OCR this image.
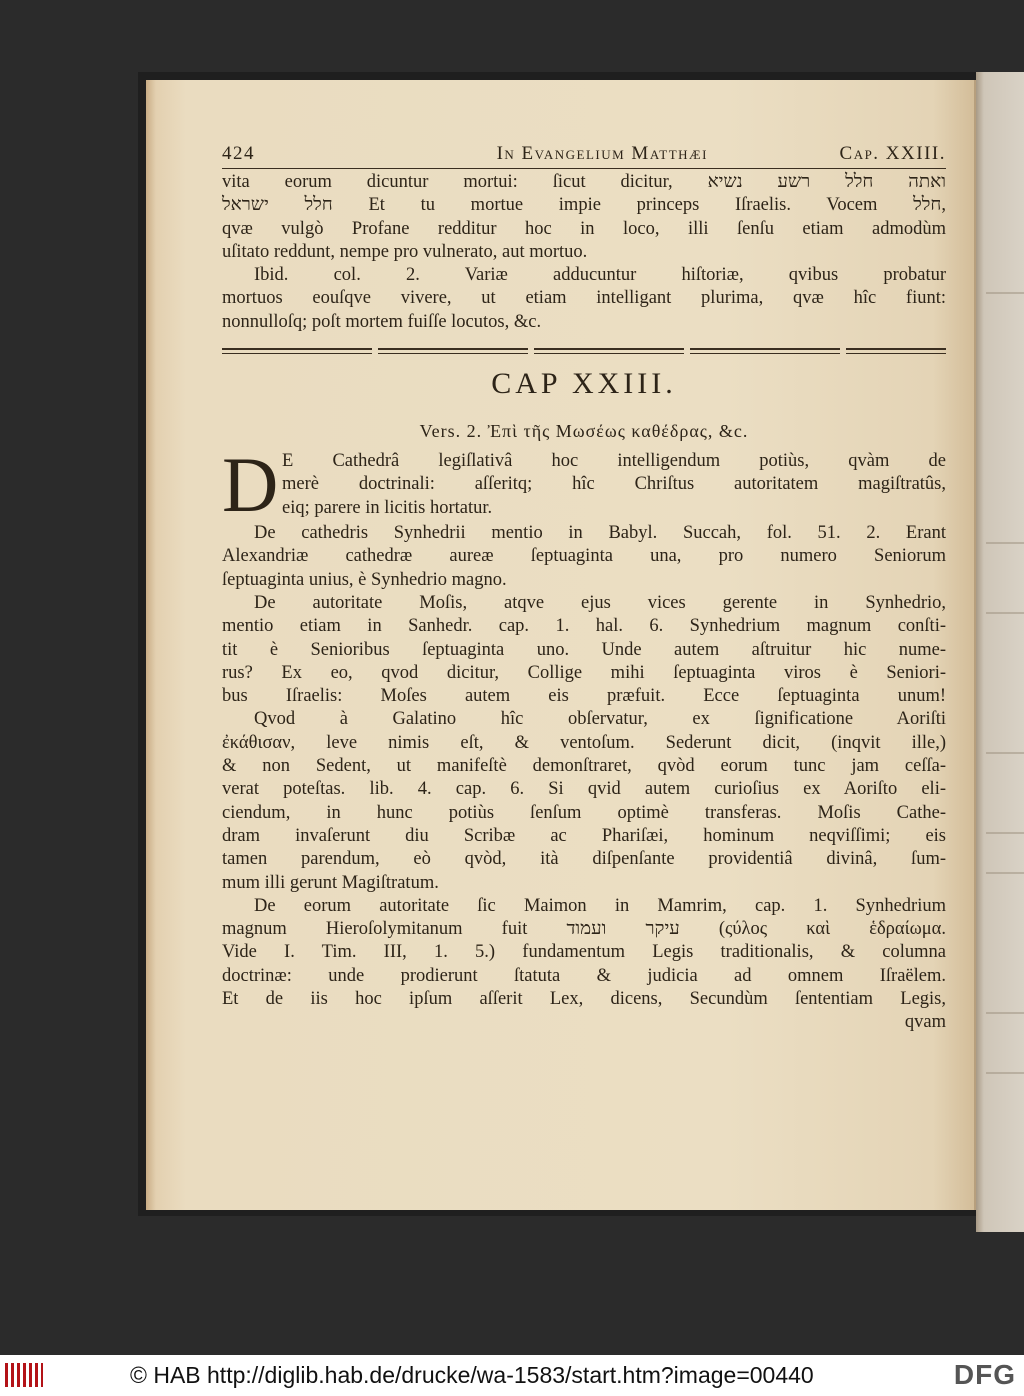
424	In Evangelium Matthæi	Cap. XXIII.
vita eorum dicuntur mortui: ſicut dicitur, ואתה חלל רשע נשיא
חלל ישראל Et tu mortue impie princeps Iſraelis. Vocem חלל,
qvæ vulgò Profane redditur hoc in loco, illi ſenſu etiam admodùm
uſitato reddunt, nempe pro vulnerato, aut mortuo.
Ibid. col. 2. Variæ adducuntur hiſtoriæ, qvibus probatur
mortuos eouſqve vivere, ut etiam intelligant plurima, qvæ hîc fiunt:
nonnulloſq; poſt mortem fuiſſe locutos, &c.
CAP XXIII.
Vers. 2. Ἐπὶ τῆς Μωσέως καθέδρας, &c.
D E Cathedrâ legiſlativâ hoc intelligendum potiùs, qvàm de
merè doctrinali: aſſeritq; hîc Chriſtus autoritatem magiſtratûs,
eiq; parere in licitis hortatur.
De cathedris Synhedrii mentio in Babyl. Succah, fol. 51. 2. Erant
Alexandriæ cathedræ aureæ ſeptuaginta una, pro numero Seniorum
ſeptuaginta unius, è Synhedrio magno.
De autoritate Moſis, atqve ejus vices gerente in Synhedrio,
mentio etiam in Sanhedr. cap. 1. hal. 6. Synhedrium magnum conſti-
tit è Senioribus ſeptuaginta uno. Unde autem aſtruitur hic nume-
rus? Ex eo, qvod dicitur, Collige mihi ſeptuaginta viros è Seniori-
bus Iſraelis: Moſes autem eis præfuit. Ecce ſeptuaginta unum!
Qvod à Galatino hîc obſervatur, ex ſignificatione Aoriſti
ἐκάθισαν, leve nimis eſt, & ventoſum. Sederunt dicit, (inqvit ille,)
& non Sedent, ut manifeſtè demonſtraret, qvòd eorum tunc jam ceſſa-
verat poteſtas. lib. 4. cap. 6. Si qvid autem curioſius ex Aoriſto eli-
ciendum, in hunc potiùs ſenſum optimè transferas. Moſis Cathe-
dram invaſerunt diu Scribæ ac Phariſæi, hominum neqviſſimi; eis
tamen parendum, eò qvòd, ità diſpenſante providentiâ divinâ, ſum-
mum illi gerunt Magiſtratum.
De eorum autoritate ſic Maimon in Mamrim, cap. 1. Synhedrium
magnum Hieroſolymitanum fuit עיקר ועמוד (ςύλος καὶ ἑδραίωμα.
Vide I. Tim. III, 1. 5.) fundamentum Legis traditionalis, & columna
doctrinæ: unde prodierunt ſtatuta & judicia ad omnem Iſraëlem.
Et de iis hoc ipſum aſſerit Lex, dicens, Secundùm ſententiam Legis,
qvam
© HAB http://diglib.hab.de/drucke/wa-1583/start.htm?image=00440	DFG
